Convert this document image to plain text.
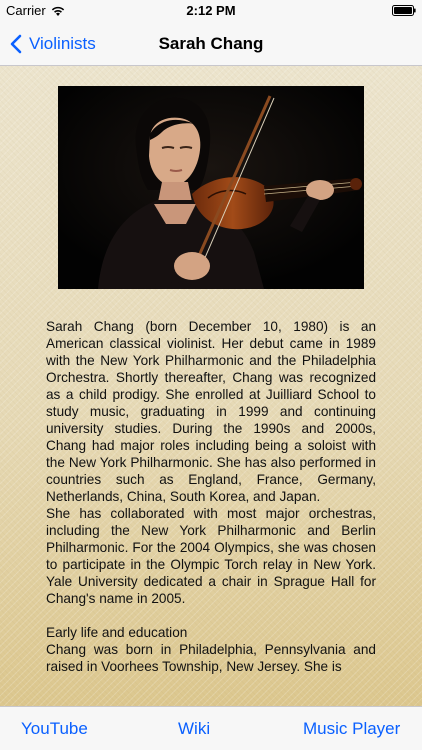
Carrier	2:12 PM
Violinists	Sarah Chang

Sarah Chang (born December 10, 1980) is an American classical violinist. Her debut came in 1989 with the New York Philharmonic and the Philadelphia Orchestra. Shortly thereafter, Chang was recognized as a child prodigy. She enrolled at Juilliard School to study music, graduating in 1999 and continuing university studies. During the 1990s and 2000s, Chang had major roles including being a soloist with the New York Philharmonic. She has also performed in countries such as England, France, Germany, Netherlands, China, South Korea, and Japan.

She has collaborated with most major orchestras, including the New York Philharmonic and Berlin Philharmonic. For the 2004 Olympics, she was chosen to participate in the Olympic Torch relay in New York. Yale University dedicated a chair in Sprague Hall for Chang's name in 2005.

Early life and education

Chang was born in Philadelphia, Pennsylvania and raised in Voorhees Township, New Jersey. She is

YouTube	Wiki	Music Player
